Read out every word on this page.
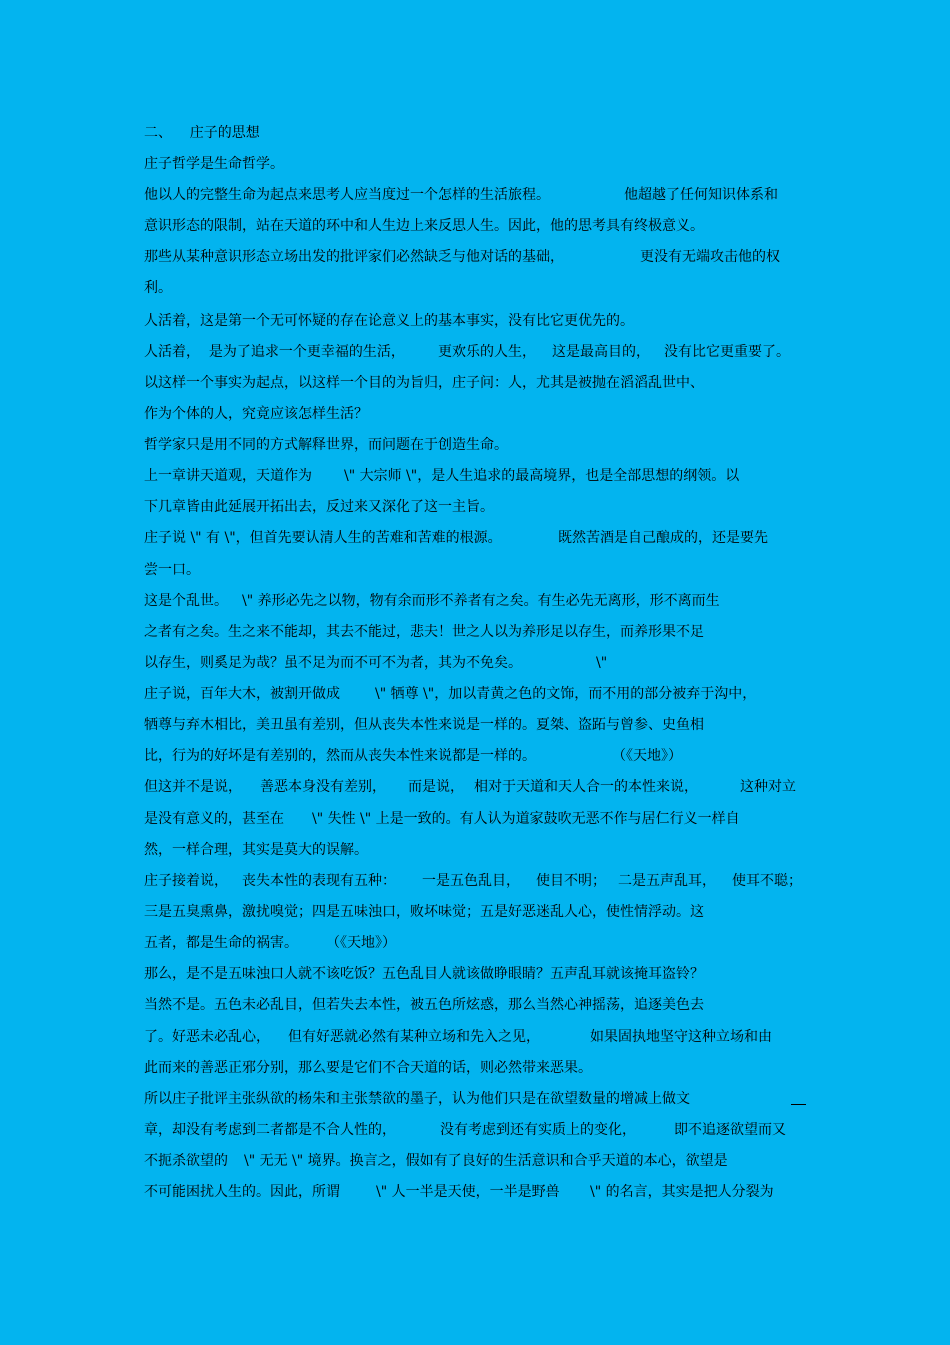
二、    庄子的思想
庄子哲学是生命哲学。
他以人的完整生命为起点来思考人应当度过一个怎样的生活旅程。	他超越了任何知识体系和
意识形态的限制，站在天道的环中和人生边上来反思人生。因此，他的思考具有终极意义。
那些从某种意识形态立场出发的批评家们必然缺乏与他对话的基础，	更没有无端攻击他的权
利。
人活着，这是第一个无可怀疑的存在论意义上的基本事实，没有比它更优先的。
人活着，  是为了追求一个更幸福的生活， 更欢乐的人生， 这是最高目的， 没有比它更重要了。
以这样一个事实为起点，以这样一个目的为旨归，庄子问：人，尤其是被抛在滔滔乱世中、
作为个体的人，究竟应该怎样生活？
哲学家只是用不同的方式解释世界，而问题在于创造生命。
上一章讲天道观，天道作为 \" 大宗师 \"，是人生追求的最高境界，也是全部思想的纲领。以
下几章皆由此延展开拓出去，反过来又深化了这一主旨。
庄子说 \" 有 \"，但首先要认清人生的苦难和苦难的根源。	既然苦酒是自己酿成的，还是要先
尝一口。
这是个乱世。 \" 养形必先之以物，物有余而形不养者有之矣。有生必先无离形，形不离而生
之者有之矣。生之来不能却，其去不能过，悲夫！世之人以为养形足以存生，而养形果不足
以存生，则奚足为哉？虽不足为而不可不为者，其为不免矣。	\"
庄子说，百年大木，被割开做成	\" 牺尊 \"，加以青黄之色的文饰，而不用的部分被弃于沟中，
牺尊与弃木相比，美丑虽有差别，但从丧失本性来说是一样的。夏桀、盗跖与曾参、史鱼相
比，行为的好坏是有差别的，然而从丧失本性来说都是一样的。	（《天地》）
但这并不是说， 善恶本身没有差别， 而是说， 相对于天道和天人合一的本性来说，	这种对立
是没有意义的，甚至在 \" 失性 \" 上是一致的。有人认为道家鼓吹无恶不作与居仁行义一样自
然，一样合理，其实是莫大的误解。
庄子接着说， 丧失本性的表现有五种： 一是五色乱目， 使目不明； 二是五声乱耳， 使耳不聪；
三是五臭熏鼻，激扰嗅觉；四是五味浊口，败坏味觉；五是好恶迷乱人心，使性情浮动。这
五者，都是生命的祸害。 （《天地》）
那么，是不是五味浊口人就不该吃饭？五色乱目人就该做睁眼睛？五声乱耳就该掩耳盗铃？
当然不是。五色未必乱目，但若失去本性，被五色所炫惑，那么当然心神摇荡，追逐美色去
了。好恶未必乱心， 但有好恶就必然有某种立场和先入之见，	如果固执地坚守这种立场和由
此而来的善恶正邪分别，那么要是它们不合天道的话，则必然带来恶果。
所以庄子批评主张纵欲的杨朱和主张禁欲的墨子，认为他们只是在欲望数量的增减上做文
章，却没有考虑到二者都是不合人性的，	没有考虑到还有实质上的变化，	即不追逐欲望而又
不扼杀欲望的 \" 无无 \" 境界。换言之，假如有了良好的生活意识和合乎天道的本心，欲望是
不可能困扰人生的。因此，所谓	\" 人一半是天使，一半是野兽 \" 的名言，其实是把人分裂为
